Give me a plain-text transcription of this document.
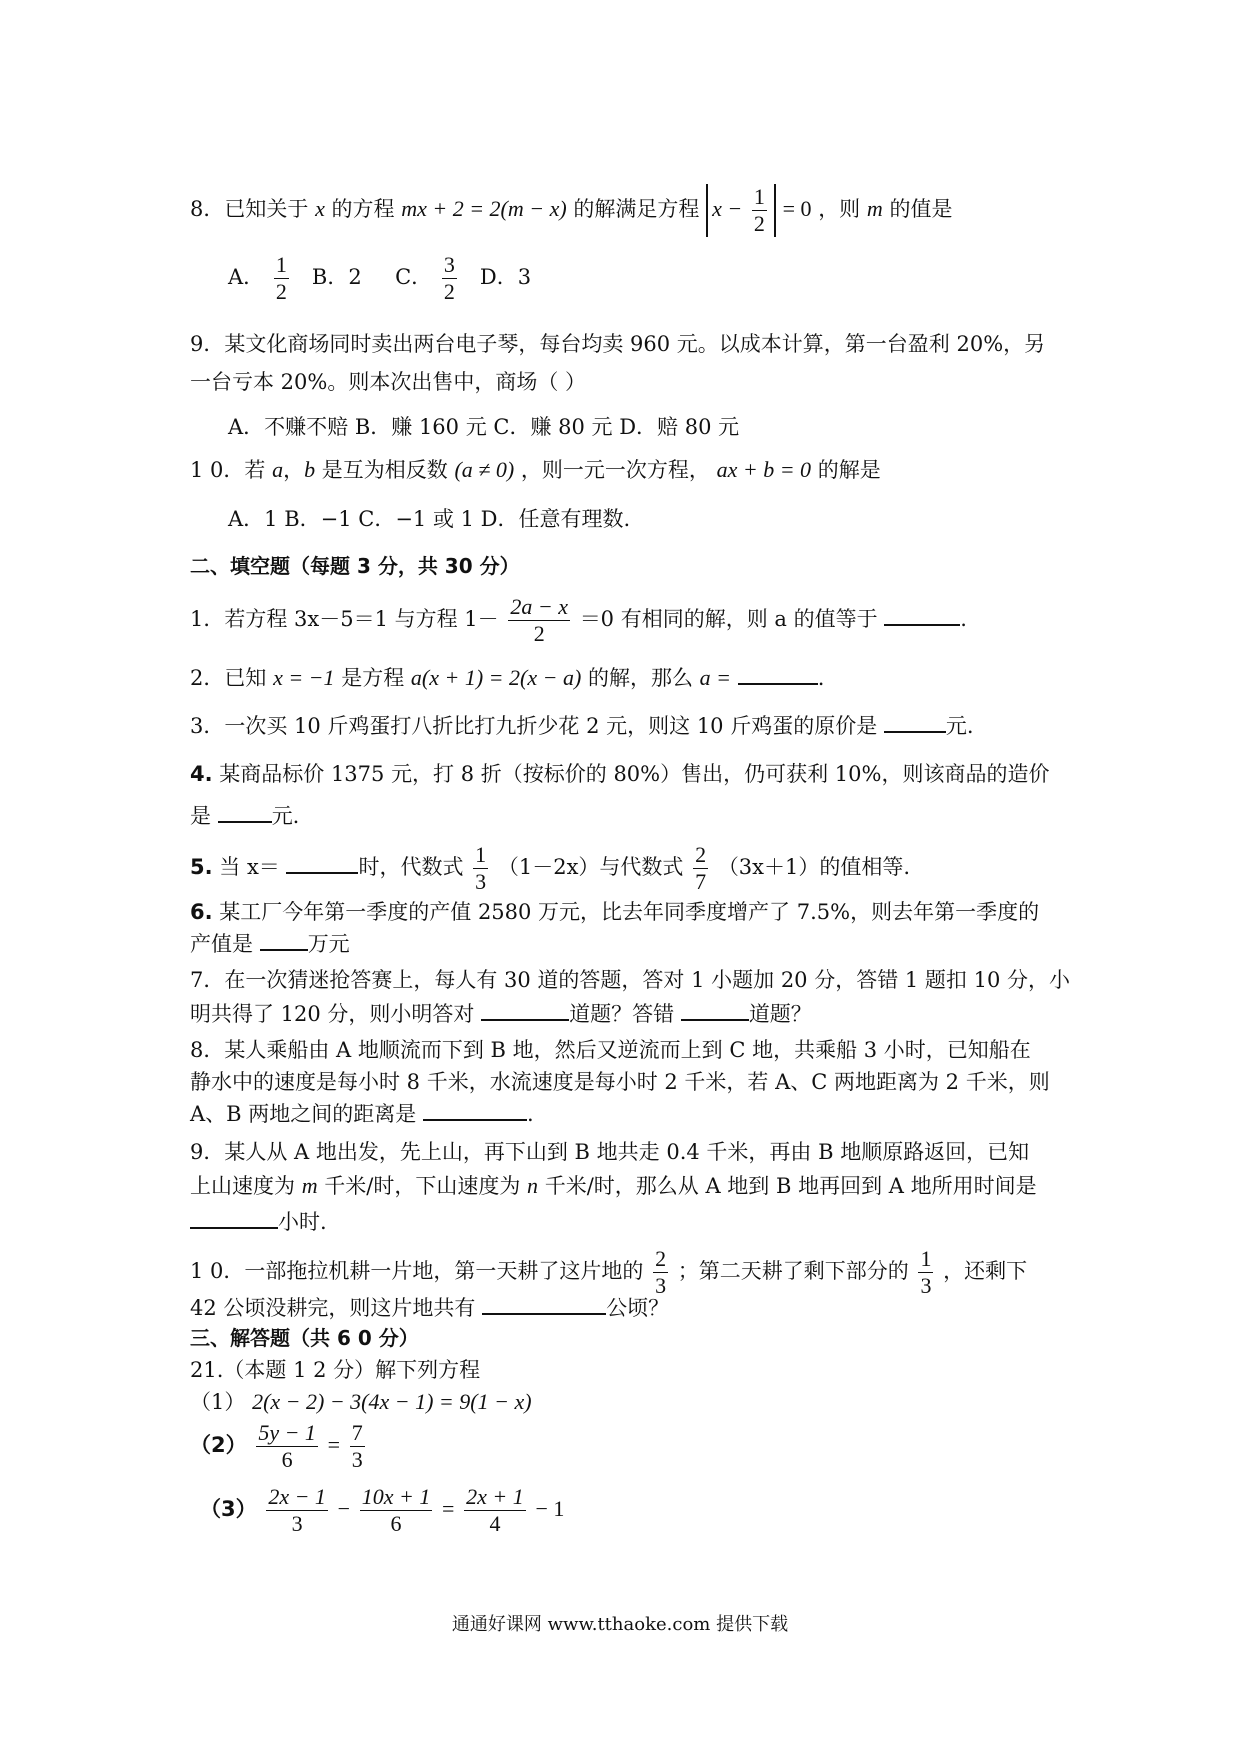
8．已知关于 x 的方程 mx + 2 = 2(m − x) 的解满足方程 $x - \frac{1}{2} = 0$ ，则 m 的值是
A． $\frac{1}{2}$ B．2 C． $\frac{3}{2}$ D．3
9．某文化商场同时卖出两台电子琴，每台均卖 960 元。以成本计算，第一台盈利 20%，另
一台亏本 20%。则本次出售中，商场（ ）
A．不赚不赔 B．赚 160 元 C．赚 80 元 D．赔 80 元
1 0．若 a，b 是互为相反数 (a ≠ 0) ，则一元一次方程， ax + b = 0 的解是
A．1 B．−1 C．−1 或 1 D．任意有理数.
二、填空题（每题 3 分，共 30 分）
1．若方程 3x－5＝1 与方程 $1- \frac{2a - x}{2} =0$ 有相同的解，则 a 的值等于	.
2．已知 x = −1 是方程 a(x + 1) = 2(x − a) 的解，那么 a =	.
3．一次买 10 斤鸡蛋打八折比打九折少花 2 元，则这 10 斤鸡蛋的原价是	元.
4. 某商品标价 1375 元，打 8 折（按标价的 80%）售出，仍可获利 10%，则该商品的造价
是	元.
5. 当 x＝	时，代数式 $\frac{1}{3} (1-2x)$与代数式 $\frac{2}{7} (3x+1)$的值相等.
6. 某工厂今年第一季度的产值 2580 万元，比去年同季度增产了 7.5%，则去年第一季度的
产值是	万元
7．在一次猜迷抢答赛上，每人有 30 道的答题，答对 1 小题加 20 分，答错 1 题扣 10 分，小
明共得了 120 分，则小明答对	道题？答错	道题？
8．某人乘船由 A 地顺流而下到 B 地，然后又逆流而上到 C 地，共乘船 3 小时，已知船在
静水中的速度是每小时 8 千米，水流速度是每小时 2 千米，若 A、C 两地距离为 2 千米，则
A、B 两地之间的距离是	.
9．某人从 A 地出发，先上山，再下山到 B 地共走 0.4 千米，再由 B 地顺原路返回，已知
上山速度为 m 千米/时，下山速度为 n 千米/时，那么从 A 地到 B 地再回到 A 地所用时间是
小时.
1 0．一部拖拉机耕一片地，第一天耕了这片地的 $\frac{2}{3}$ ；第二天耕了剩下部分的 $\frac{1}{3}$ ，还剩下
42 公顷没耕完，则这片地共有	公顷？
三、解答题（共 6 0 分）
21.（本题 1 2 分）解下列方程
（1） 2(x − 2) − 3(4x − 1) = 9(1 − x)
$(2) \frac{5y - 1}{6} = \frac{7}{3}$
$(3) \frac{2x - 1}{3} - \frac{10x + 1}{6} = \frac{2x + 1}{4} - 1$
通通好课网 www.tthaoke.com 提供下载
